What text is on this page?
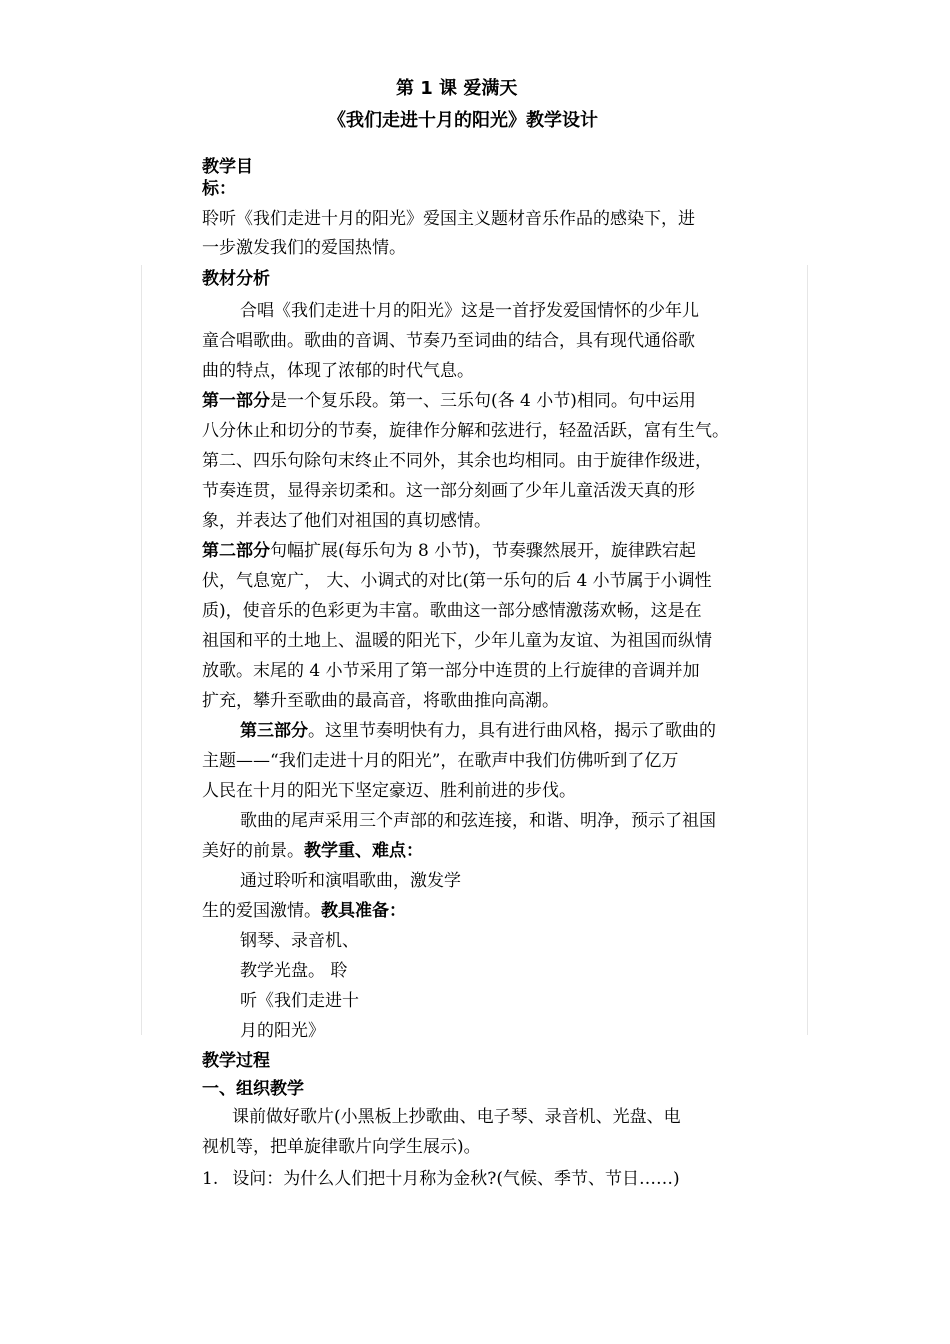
第 1 课 爱满天
《我们走进十月的阳光》教学设计
教学目
标：
聆听《我们走进十月的阳光》爱国主义题材音乐作品的感染下，进
一步激发我们的爱国热情。
教材分析
合唱《我们走进十月的阳光》这是一首抒发爱国情怀的少年儿
童合唱歌曲。歌曲的音调、节奏乃至词曲的结合，具有现代通俗歌
曲的特点，体现了浓郁的时代气息。
第一部分是一个复乐段。第一、三乐句(各 4 小节)相同。句中运用
八分休止和切分的节奏，旋律作分解和弦进行，轻盈活跃，富有生气。
第二、四乐句除句末终止不同外，其余也均相同。由于旋律作级进，
节奏连贯，显得亲切柔和。这一部分刻画了少年儿童活泼天真的形
象，并表达了他们对祖国的真切感情。
第二部分句幅扩展(每乐句为 8 小节)，节奏骤然展开，旋律跌宕起
伏，气息宽广， 大、小调式的对比(第一乐句的后 4 小节属于小调性
质)，使音乐的色彩更为丰富。歌曲这一部分感情激荡欢畅，这是在
祖国和平的土地上、温暖的阳光下，少年儿童为友谊、为祖国而纵情
放歌。末尾的 4 小节采用了第一部分中连贯的上行旋律的音调并加
扩充，攀升至歌曲的最高音，将歌曲推向高潮。
第三部分。这里节奏明快有力，具有进行曲风格，揭示了歌曲的
主题——“我们走进十月的阳光”，在歌声中我们仿佛听到了亿万
人民在十月的阳光下坚定豪迈、胜利前进的步伐。
歌曲的尾声采用三个声部的和弦连接，和谐、明净，预示了祖国
美好的前景。教学重、难点：
通过聆听和演唱歌曲，激发学
生的爱国激情。教具准备：
钢琴、录音机、
教学光盘。 聆
听《我们走进十
月的阳光》
教学过程
一、组织教学
课前做好歌片(小黑板上抄歌曲、电子琴、录音机、光盘、电
视机等，把单旋律歌片向学生展示)。
1. 设问：为什么人们把十月称为金秋?(气候、季节、节日……)
